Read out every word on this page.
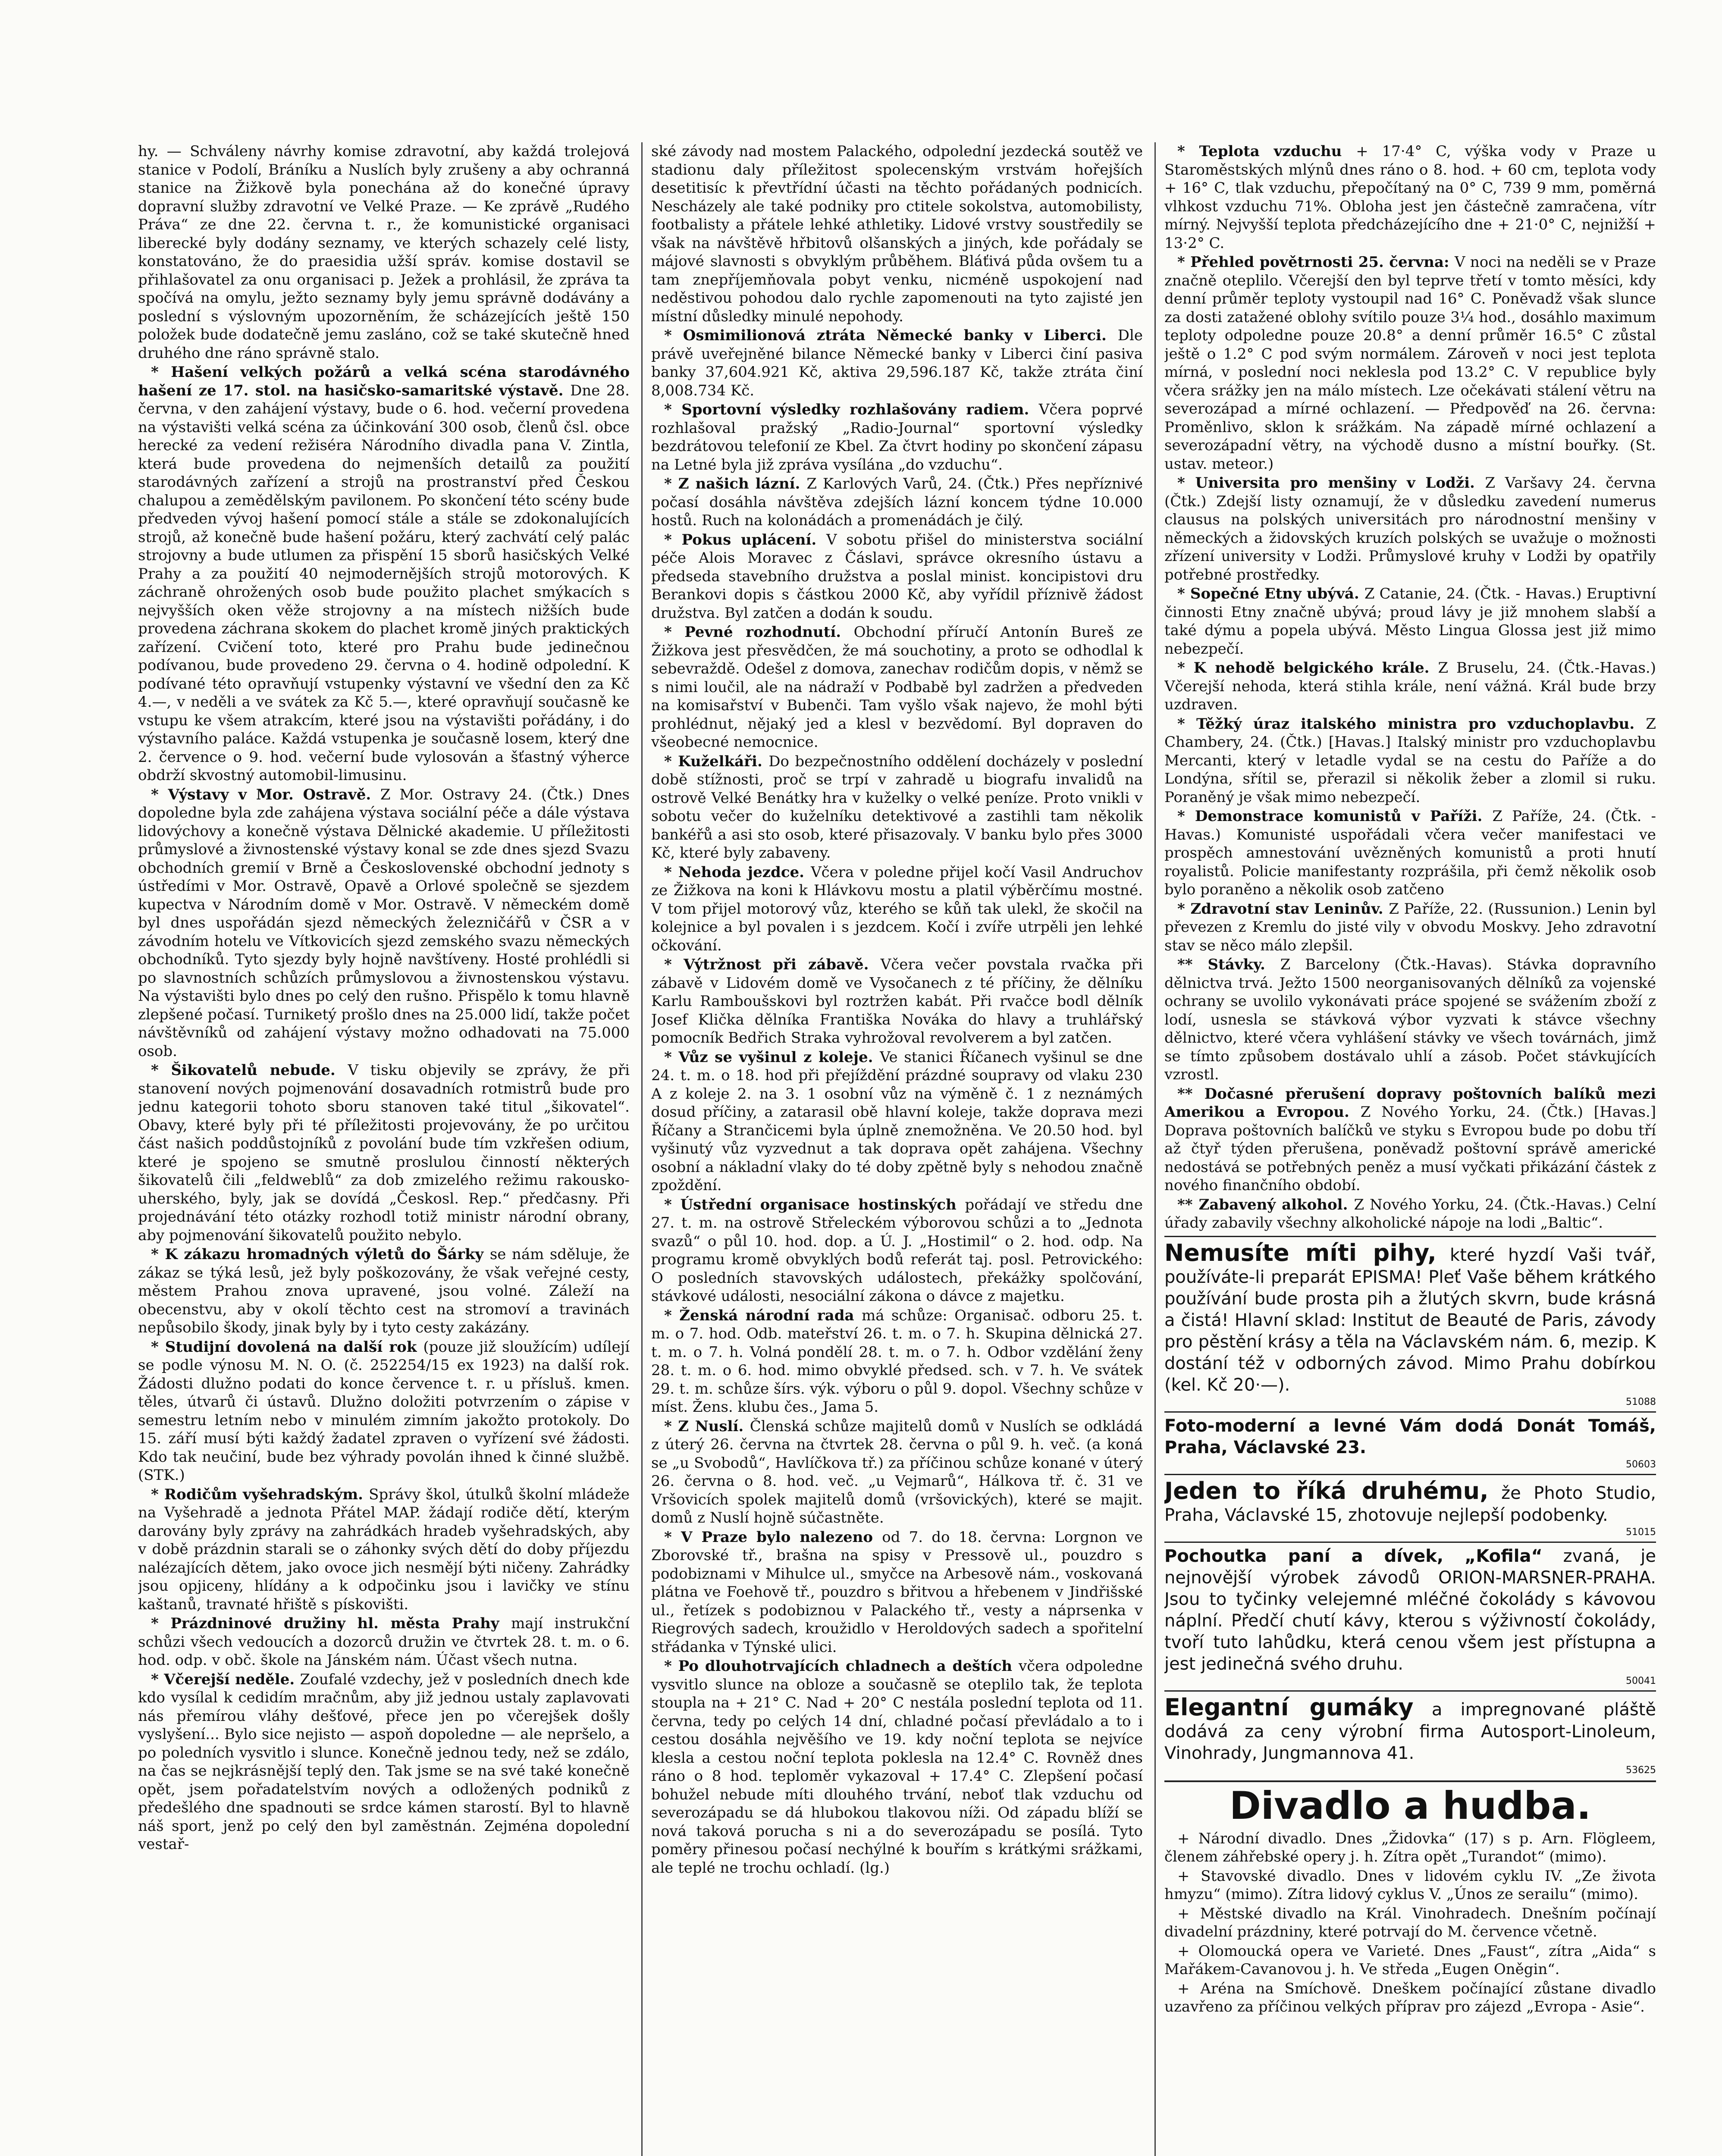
hy. — Schváleny návrhy komise zdravotní, aby každá trolejová stanice v Podolí, Bráníku a Nuslích byly zrušeny a aby ochranná stanice na Žižkově byla ponechána až do konečné úpravy dopravní služby zdravotní ve Velké Praze. — Ke zprávě „Rudého Práva“ ze dne 22. června t. r., že komunistické organisaci liberecké byly dodány seznamy, ve kterých schazely celé listy, konstatováno, že do praesidia užší správ. komise dostavil se přihlašovatel za onu organisaci p. Ježek a prohlásil, že zpráva ta spočívá na omylu, ježto seznamy byly jemu správně dodávány a poslední s výslovným upozorněním, že scházejících ještě 150 položek bude dodatečně jemu zasláno, což se také skutečně hned druhého dne ráno správně stalo.

* Hašení velkých požárů a velká scéna starodávného hašení ze 17. stol. na hasičsko-samaritské výstavě. Dne 28. června, v den zahájení výstavy, bude o 6. hod. večerní provedena na výstavišti velká scéna za účinkování 300 osob, členů čsl. obce herecké za vedení režiséra Národního divadla pana V. Zintla, která bude provedena do nejmenších detailů za použití starodávných zařízení a strojů na prostranství před Českou chalupou a zemědělským pavilonem. Po skončení této scény bude předveden vývoj hašení pomocí stále a stále se zdokonalujících strojů, až konečně bude hašení požáru, který zachvátí celý palác strojovny a bude utlumen za přispění 15 sborů hasičských Velké Prahy a za použití 40 nejmodernějších strojů motorových. K záchraně ohrožených osob bude použito plachet smýkacích s nejvyšších oken věže strojovny a na místech nižších bude provedena záchrana skokem do plachet kromě jiných praktických zařízení. Cvičení toto, které pro Prahu bude jedinečnou podívanou, bude provedeno 29. června o 4. hodině odpolední. K podívané této opravňují vstupenky výstavní ve všední den za Kč 4.—, v neděli a ve svátek za Kč 5.—, které opravňují současně ke vstupu ke všem atrakcím, které jsou na výstavišti pořádány, i do výstavního paláce. Každá vstupenka je současně losem, který dne 2. července o 9. hod. večerní bude vylosován a šťastný výherce obdrží skvostný automobil-limusinu.

* Výstavy v Mor. Ostravě. Z Mor. Ostravy 24. (Čtk.) Dnes dopoledne byla zde zahájena výstava sociální péče a dále výstava lidovýchovy a konečně výstava Dělnické akademie. U příležitosti průmyslové a živnostenské výstavy konal se zde dnes sjezd Svazu obchodních gremií v Brně a Československé obchodní jednoty s ústředími v Mor. Ostravě, Opavě a Orlové společně se sjezdem kupectva v Národním domě v Mor. Ostravě. V německém domě byl dnes uspořádán sjezd německých železničářů v ČSR a v závodním hotelu ve Vítkovicích sjezd zemského svazu německých obchodníků. Tyto sjezdy byly hojně navštíveny. Hosté prohlédli si po slavnostních schůzích průmyslovou a živnostenskou výstavu. Na výstavišti bylo dnes po celý den rušno. Přispělo k tomu hlavně zlepšené počasí. Turniketý prošlo dnes na 25.000 lidí, takže počet návštěvníků od zahájení výstavy možno odhadovati na 75.000 osob.

* Šikovatelů nebude. V tisku objevily se zprávy, že při stanovení nových pojmenování dosavadních rotmistrů bude pro jednu kategorii tohoto sboru stanoven také titul „šikovatel“. Obavy, které byly při té příležitosti projevovány, že po určitou část našich poddůstojníků z povolání bude tím vzkřešen odium, které je spojeno se smutně proslulou činností některých šikovatelů čili „feldweblů“ za dob zmizelého režimu rakousko-uherského, byly, jak se dovídá „Českosl. Rep.“ předčasny. Při projednávání této otázky rozhodl totiž ministr národní obrany, aby pojmenování šikovatelů použito nebylo.

* K zákazu hromadných výletů do Šárky se nám sděluje, že zákaz se týká lesů, jež byly poškozovány, že však veřejné cesty, městem Prahou znova upravené, jsou volné. Záleží na obecenstvu, aby v okolí těchto cest na stromoví a travinách nepůsobilo škody, jinak byly by i tyto cesty zakázány.

* Studijní dovolená na další rok (pouze již sloužícím) udílejí se podle výnosu M. N. O. (č. 252254/15 ex 1923) na další rok. Žádosti dlužno podati do konce července t. r. u přísluš. kmen. těles, útvarů či ústavů. Dlužno doložiti potvrzením o zápise v semestru letním nebo v minulém zimním jakožto protokoly. Do 15. září musí býti každý žadatel zpraven o vyřízení své žádosti. Kdo tak neučiní, bude bez výhrady povolán ihned k činné službě. (STK.)

* Rodičům vyšehradským. Správy škol, útulků školní mládeže na Vyšehradě a jednota Přátel MAP. žádají rodiče dětí, kterým darovány byly zprávy na zahrádkách hradeb vyšehradských, aby v době prázdnin starali se o záhonky svých dětí do doby příjezdu nalézajících dětem, jako ovoce jich nesmějí býti ničeny. Zahrádky jsou opjiceny, hlídány a k odpočinku jsou i lavičky ve stínu kaštanů, travnaté hřiště s pískovišti.

* Prázdninové družiny hl. města Prahy mají instrukční schůzi všech vedoucích a dozorců družin ve čtvrtek 28. t. m. o 6. hod. odp. v obč. škole na Jánském nám. Účast všech nutna.

* Včerejší neděle. Zoufalé vzdechy, jež v posledních dnech kde kdo vysílal k cedidím mračnům, aby již jednou ustaly zaplavovati nás přemírou vláhy dešťové, přece jen po včerejšek došly vyslyšení... Bylo sice nejisto — aspoň dopoledne — ale nepršelo, a po poledních vysvitlo i slunce. Konečně jednou tedy, než se zdálo, na čas se nejkrásnější teplý den. Tak jsme se na své také konečně opět, jsem pořadatelstvím nových a odložených podniků z předešlého dne spadnouti se srdce kámen starostí. Byl to hlavně náš sport, jenž po celý den byl zaměstnán. Zejména dopolední vestař-

ské závody nad mostem Palackého, odpolední jezdecká soutěž ve stadionu daly příležitost spolecenským vrstvám hořejších desetitisíc k převtřídní účasti na těchto pořádaných podnicích. Nescházely ale také podniky pro ctitele sokolstva, automobilisty, footbalisty a přátele lehké athletiky. Lidové vrstvy soustředily se však na návštěvě hřbitovů olšanských a jiných, kde pořádaly se májové slavnosti s obvyklým průběhem. Bláťivá půda ovšem tu a tam znepříjemňovala pobyt venku, nicméně uspokojení nad neděstivou pohodou dalo rychle zapomenouti na tyto zajisté jen místní důsledky minulé nepohody.

* Osmimilionová ztráta Německé banky v Liberci. Dle právě uveřejněné bilance Německé banky v Liberci činí pasiva banky 37,604.921 Kč, aktiva 29,596.187 Kč, takže ztráta činí 8,008.734 Kč.

* Sportovní výsledky rozhlašovány radiem. Včera poprvé rozhlašoval pražský „Radio-Journal“ sportovní výsledky bezdrátovou telefonií ze Kbel. Za čtvrt hodiny po skončení zápasu na Letné byla již zpráva vysílána „do vzduchu“.

* Z našich lázní. Z Karlových Varů, 24. (Čtk.) Přes nepříznivé počasí dosáhla návštěva zdejších lázní koncem týdne 10.000 hostů. Ruch na kolonádách a promenádách je čilý.

* Pokus uplácení. V sobotu přišel do ministerstva sociální péče Alois Moravec z Čáslavi, správce okresního ústavu a předseda stavebního družstva a poslal minist. koncipistovi dru Berankovi dopis s částkou 2000 Kč, aby vyřídil příznivě žádost družstva. Byl zatčen a dodán k soudu.

* Pevné rozhodnutí. Obchodní příručí Antonín Bureš ze Žižkova jest přesvědčen, že má souchotiny, a proto se odhodlal k sebevraždě. Odešel z domova, zanechav rodičům dopis, v němž se s nimi loučil, ale na nádraží v Podbabě byl zadržen a předveden na komisařství v Bubenči. Tam vyšlo však najevo, že mohl býti prohlédnut, nějaký jed a klesl v bezvědomí. Byl dopraven do všeobecné nemocnice.

* Kuželkáři. Do bezpečnostního oddělení docházely v poslední době stížnosti, proč se trpí v zahradě u biografu invalidů na ostrově Velké Benátky hra v kuželky o velké peníze. Proto vnikli v sobotu večer do kuželníku detektivové a zastihli tam několik bankéřů a asi sto osob, které přisazovaly. V banku bylo přes 3000 Kč, které byly zabaveny.

* Nehoda jezdce. Včera v poledne přijel kočí Vasil Andruchov ze Žižkova na koni k Hlávkovu mostu a platil výběrčímu mostné. V tom přijel motorový vůz, kterého se kůň tak ulekl, že skočil na kolejnice a byl povalen i s jezdcem. Kočí i zvíře utrpěli jen lehké očkování.

* Výtržnost při zábavě. Včera večer povstala rvačka při zábavě v Lidovém domě ve Vysočanech z té příčiny, že dělníku Karlu Ramboušskovi byl roztržen kabát. Při rvačce bodl dělník Josef Klička dělníka Františka Nováka do hlavy a truhlářský pomocník Bedřich Straka vyhrožoval revolverem a byl zatčen.

* Vůz se vyšinul z koleje. Ve stanici Říčanech vyšinul se dne 24. t. m. o 18. hod při přejíždění prázdné soupravy od vlaku 230 A z koleje 2. na 3. 1 osobní vůz na výměně č. 1 z neznámých dosud příčiny, a zatarasil obě hlavní koleje, takže doprava mezi Říčany a Strančicemi byla úplně znemožněna. Ve 20.50 hod. byl vyšinutý vůz vyzvednut a tak doprava opět zahájena. Všechny osobní a nákladní vlaky do té doby zpětně byly s nehodou značně zpoždění.

* Ústřední organisace hostinských pořádají ve středu dne 27. t. m. na ostrově Střeleckém výborovou schůzi a to „Jednota svazů“ o půl 10. hod. dop. a Ú. J. „Hostimil“ o 2. hod. odp. Na programu kromě obvyklých bodů referát taj. posl. Petrovického: O posledních stavovských událostech, překážky spolčování, stávkové události, nesociální zákona o dávce z majetku.

* Ženská národní rada má schůze: Organisač. odboru 25. t. m. o 7. hod. Odb. mateřství 26. t. m. o 7. h. Skupina dělnická 27. t. m. o 7. h. Volná pondělí 28. t. m. o 7. h. Odbor vzdělání ženy 28. t. m. o 6. hod. mimo obvyklé předsed. sch. v 7. h. Ve svátek 29. t. m. schůze šírs. výk. výboru o půl 9. dopol. Všechny schůze v míst. Žens. klubu čes., Jama 5.

* Z Nuslí. Členská schůze majitelů domů v Nuslích se odkládá z úterý 26. června na čtvrtek 28. června o půl 9. h. več. (a koná se „u Svobodů“, Havlíčkova tř.) za příčinou schůze konané v úterý 26. června o 8. hod. več. „u Vejmarů“, Hálkova tř. č. 31 ve Vršovicích spolek majitelů domů (vršovických), které se majit. domů z Nuslí hojně súčastněte.

* V Praze bylo nalezeno od 7. do 18. června: Lorgnon ve Zborovské tř., brašna na spisy v Pressově ul., pouzdro s podobiznami v Mihulce ul., smyčce na Arbesově nám., voskovaná plátna ve Foehově tř., pouzdro s břitvou a hřebenem v Jindřišské ul., řetízek s podobiznou v Palackého tř., vesty a náprsenka v Riegrových sadech, kroužidlo v Heroldových sadech a spořitelní střádanka v Týnské ulici.

* Po dlouhotrvajících chladnech a deštích včera odpoledne vysvitlo slunce na obloze a současně se oteplilo tak, že teplota stoupla na + 21° C. Nad + 20° C nestála poslední teplota od 11. června, tedy po celých 14 dní, chladné počasí převládalo a to i cestou dosáhla nejvěšího ve 19. kdy noční teplota se nejvíce klesla a cestou noční teplota poklesla na 12.4° C. Rovněž dnes ráno o 8 hod. teploměr vykazoval + 17.4° C. Zlepšení počasí bohužel nebude míti dlouhého trvání, neboť tlak vzduchu od severozápadu se dá hlubokou tlakovou níži. Od západu blíží se nová taková porucha s ni a do severozápadu se posílá. Tyto poměry přinesou počasí nechýlné k bouřím s krátkými srážkami, ale teplé ne trochu ochladí. (lg.)

* Teplota vzduchu + 17·4° C, výška vody v Praze u Staroměstských mlýnů dnes ráno o 8. hod. + 60 cm, teplota vody + 16° C, tlak vzduchu, přepočítaný na 0° C, 739 9 mm, poměrná vlhkost vzduchu 71%. Obloha jest jen částečně zamračena, vítr mírný. Nejvyšší teplota předcházejícího dne + 21·0° C, nejnižší + 13·2° C.

* Přehled povětrnosti 25. června: V noci na neděli se v Praze značně oteplilo. Včerejší den byl teprve třetí v tomto měsíci, kdy denní průměr teploty vystoupil nad 16° C. Poněvadž však slunce za dosti zatažené oblohy svítilo pouze 3¼ hod., dosáhlo maximum teploty odpoledne pouze 20.8° a denní průměr 16.5° C zůstal ještě o 1.2° C pod svým normálem. Zároveň v noci jest teplota mírná, v poslední noci neklesla pod 13.2° C. V republice byly včera srážky jen na málo místech. Lze očekávati stálení větru na severozápad a mírné ochlazení. — Předpověď na 26. června: Proměnlivo, sklon k srážkám. Na západě mírné ochlazení a severozápadní větry, na východě dusno a místní bouřky. (St. ustav. meteor.)

* Universita pro menšiny v Lodži. Z Varšavy 24. června (Čtk.) Zdejší listy oznamují, že v důsledku zavedení numerus clausus na polských universitách pro národnostní menšiny v německých a židovských kruzích polských se uvažuje o možnosti zřízení university v Lodži. Průmyslové kruhy v Lodži by opatřily potřebné prostředky.

* Sopečné Etny ubývá. Z Catanie, 24. (Čtk. - Havas.) Eruptivní činnosti Etny značně ubývá; proud lávy je již mnohem slabší a také dýmu a popela ubývá. Město Lingua Glossa jest již mimo nebezpečí.

* K nehodě belgického krále. Z Bruselu, 24. (Čtk.-Havas.) Včerejší nehoda, která stihla krále, není vážná. Král bude brzy uzdraven.

* Těžký úraz italského ministra pro vzduchoplavbu. Z Chambery, 24. (Čtk.) [Havas.] Italský ministr pro vzduchoplavbu Mercanti, který v letadle vydal se na cestu do Paříže a do Londýna, sřítil se, přerazil si několik žeber a zlomil si ruku. Poraněný je však mimo nebezpečí.

* Demonstrace komunistů v Paříži. Z Paříže, 24. (Čtk. - Havas.) Komunisté uspořádali včera večer manifestaci ve prospěch amnestování uvězněných komunistů a proti hnutí royalistů. Policie manifestanty rozprášila, při čemž několik osob bylo poraněno a několik osob zatčeno

* Zdravotní stav Leninův. Z Paříže, 22. (Russunion.) Lenin byl převezen z Kremlu do jisté vily v obvodu Moskvy. Jeho zdravotní stav se něco málo zlepšil.

** Stávky. Z Barcelony (Čtk.-Havas). Stávka dopravního dělnictva trvá. Ježto 1500 neorganisovaných dělníků za vojenské ochrany se uvolilo vykonávati práce spojené se svážením zboží z lodí, usnesla se stávková výbor vyzvati k stávce všechny dělnictvo, které včera vyhlášení stávky ve všech továrnách, jimž se tímto způsobem dostávalo uhlí a zásob. Počet stávkujících vzrostl.

** Dočasné přerušení dopravy poštovních balíků mezi Amerikou a Evropou. Z Nového Yorku, 24. (Čtk.) [Havas.] Doprava poštovních balíčků ve styku s Evropou bude po dobu tří až čtyř týden přerušena, poněvadž poštovní správě americké nedostává se potřebných peněz a musí vyčkati přikázání částek z nového finančního období.

** Zabavený alkohol. Z Nového Yorku, 24. (Čtk.-Havas.) Celní úřady zabavily všechny alkoholické nápoje na lodi „Baltic“.

Nemusíte míti pihy, které hyzdí Vaši tvář, používáte-li preparát EPISMA! Pleť Vaše během krátkého používání bude prosta pih a žlutých skvrn, bude krásná a čistá! Hlavní sklad: Institut de Beauté de Paris, závody pro pěstění krásy a těla na Václavském nám. 6, mezip. K dostání též v odborných závod. Mimo Prahu dobírkou (kel. Kč 20·—).

51088

Foto-moderní a levné Vám dodá Donát Tomáš, Praha, Václavské 23.

50603

Jeden to říká druhému, že Photo Studio, Praha, Václavské 15, zhotovuje nejlepší podobenky.

51015

Pochoutka paní a dívek, „Kofila“ zvaná, je nejnovější výrobek závodů ORION-MARSNER-PRAHA. Jsou to tyčinky velejemné mléčné čokolády s kávovou náplní. Předčí chutí kávy, kterou s výživností čokolády, tvoří tuto lahůdku, která cenou všem jest přístupna a jest jedinečná svého druhu.

50041

Elegantní gumáky a impregnované pláště dodává za ceny výrobní firma Autosport-Linoleum, Vinohrady, Jungmannova 41.

53625
Divadlo a hudba.

+ Národní divadlo. Dnes „Židovka“ (17) s p. Arn. Flögleem, členem záhřebské opery j. h. Zítra opět „Turandot“ (mimo).

+ Stavovské divadlo. Dnes v lidovém cyklu IV. „Ze života hmyzu“ (mimo). Zítra lidový cyklus V. „Únos ze serailu“ (mimo).

+ Městské divadlo na Král. Vinohradech. Dnešním počínají divadelní prázdniny, které potrvají do M. července včetně.

+ Olomoucká opera ve Varieté. Dnes „Faust“, zítra „Aida“ s Mařákem-Cavanovou j. h. Ve středa „Eugen Oněgin“.

+ Aréna na Smíchově. Dneškem počínající zůstane divadlo uzavřeno za příčinou velkých příprav pro zájezd „Evropa - Asie“.
